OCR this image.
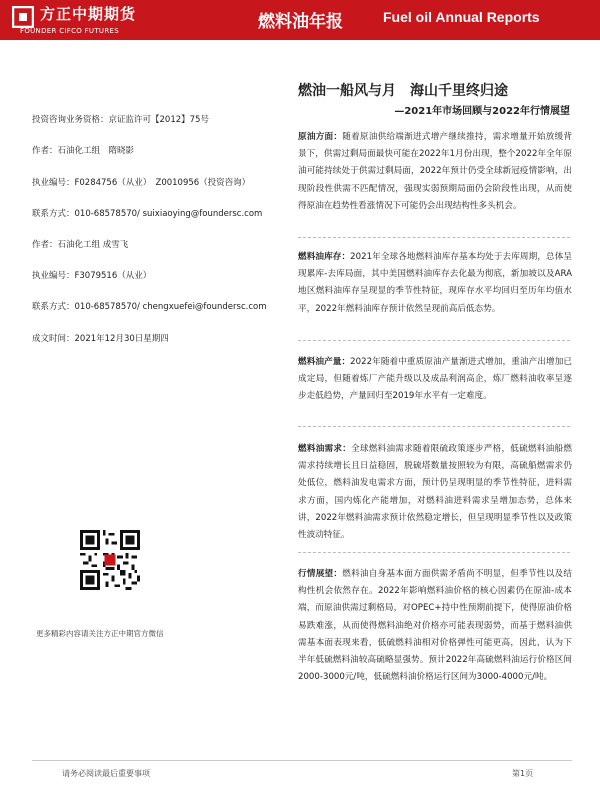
方正中期期货
FOUNDER CIFCO FUTURES	燃料油年报	Fuel oil Annual Reports
燃油一船风与月　海山千里终归途
—2021年市场回顾与2022年行情展望
投资咨询业务资格：京证监许可【2012】75号
作者：石油化工组　隋晓影
执业编号：F0284756（从业）　Z0010956（投资咨询）
联系方式：010-68578570/ suixiaoying@foundersc.com
作者：石油化工组 成雪飞
执业编号：F3079516（从业）
联系方式：010-68578570/ chengxuefei@foundersc.com
成文时间：2021年12月30日星期四
更多精彩内容请关注方正中期官方微信
原油方面：随着原油供给端渐进式增产继续推持，需求增量开始放缓背景下，供需过剩局面最快可能在2022年1月份出现，整个2022年全年原油可能持续处于供需过剩局面，2022年预计仍受全球新冠疫情影响，出现阶段性供需不匹配情况，强现实弱预期局面仍会阶段性出现，从而使得原油在趋势性看涨情况下可能仍会出现结构性多头机会。
燃料油库存：2021年全球各地燃料油库存基本均处于去库周期，总体呈现累库-去库局面，其中美国燃料油库存去化最为彻底，新加坡以及ARA地区燃料油库存呈现显的季节性特征，现库存水平均回归至历年均值水平，2022年燃料油库存预计依然呈现前高后低态势。
燃料油产量：2022年随着中重质原油产量渐进式增加，重油产出增加已成定局，但随着炼厂产能升级以及成品利润高企，炼厂燃料油收率呈逐步走低趋势，产量回归至2019年水平有一定难度。
燃料油需求：全球燃料油需求随着限硫政策逐步严格，低硫燃料油船燃需求持续增长且日益稳固，脱硫塔数量按照较为有限，高硫船燃需求仍处低位，燃料油发电需求方面，预计仍呈现明显的季节性特征，进料需求方面，国内炼化产能增加，对燃料油进料需求呈增加态势，总体来讲，2022年燃料油需求预计依然稳定增长，但呈现明显季节性以及政策性波动特征。
行情展望：燃料油自身基本面方面供需矛盾尚不明显，但季节性以及结构性机会依然存在。2022年影响燃料油价格的核心因素仍在原油-成本端，而原油供需过剩格局，对OPEC+持中性预期前提下，使得原油价格易跌难涨，从而使得燃料油绝对价格亦可能表现弱势，而基于燃料油供需基本面表现来看，低硫燃料油相对价格弹性可能更高，因此，认为下半年低硫燃料油较高硫略显强势。预计2022年高硫燃料油运行价格区间2000-3000元/吨，低硫燃料油价格运行区间为3000-4000元/吨。
请务必阅读最后重要事项	第1页
